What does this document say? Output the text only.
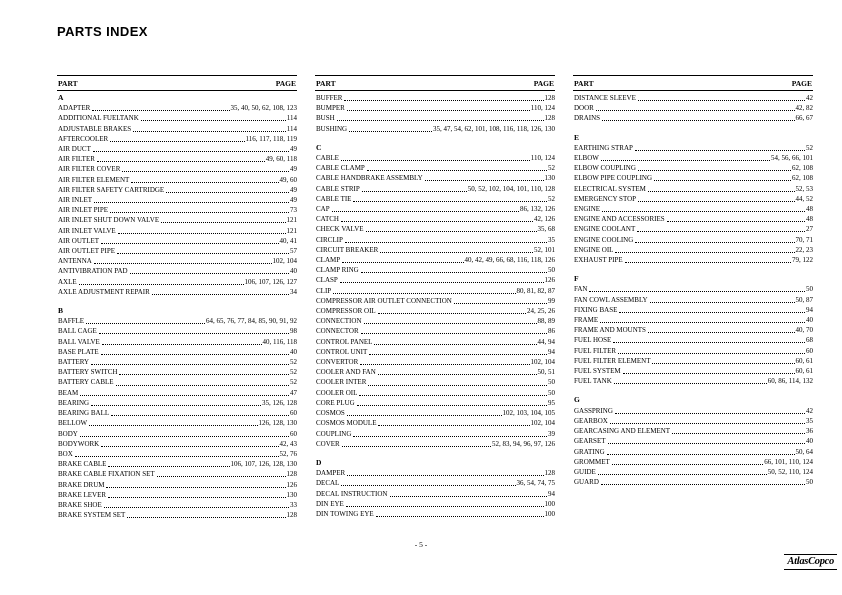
PARTS INDEX
PART	PAGE
A
ADAPTER	35, 40, 50, 62, 108, 123
ADDITIONAL FUELTANK	114
ADJUSTABLE BRAKES	114
AFTERCOOLER	116, 117, 118, 119
AIR DUCT	49
AIR FILTER	49, 60, 118
AIR FILTER COVER	49
AIR FILTER ELEMENT	49, 60
AIR FILTER SAFETY CARTRIDGE	49
AIR INLET	49
AIR INLET PIPE	73
AIR INLET SHUT DOWN VALVE	121
AIR INLET VALVE	121
AIR OUTLET	40, 41
AIR OUTLET PIPE	57
ANTENNA	102, 104
ANTIVIBRATION PAD	40
AXLE	106, 107, 126, 127
AXLE ADJUSTMENT REPAIR	34
B
BAFFLE	64, 65, 76, 77, 84, 85, 90, 91, 92
BALL CAGE	98
BALL VALVE	40, 116, 118
BASE PLATE	40
BATTERY	52
BATTERY SWITCH	52
BATTERY CABLE	52
BEAM	47
BEARING	35, 126, 128
BEARING BALL	60
BELLOW	126, 128, 130
BODY	60
BODYWORK	42, 43
BOX	52, 76
BRAKE CABLE	106, 107, 126, 128, 130
BRAKE CABLE FIXATION SET	128
BRAKE DRUM	126
BRAKE LEVER	130
BRAKE SHOE	33
BRAKE SYSTEM SET	128
PART	PAGE
BUFFER	128
BUMPER	110, 124
BUSH	128
BUSHING	35, 47, 54, 62, 101, 108, 116, 118, 126, 130
C
CABLE	110, 124
CABLE CLAMP	52
CABLE HANDBRAKE ASSEMBLY	130
CABLE STRIP	50, 52, 102, 104, 101, 110, 128
CABLE TIE	52
CAP	86, 132, 126
CATCH	42, 126
CHECK VALVE	35, 68
CIRCLIP	35
CIRCUIT BREAKER	52, 101
CLAMP	40, 42, 49, 66, 68, 116, 118, 126
CLAMP RING	50
CLASP	126
CLIP	80, 81, 82, 87
COMPRESSOR AIR OUTLET CONNECTION	99
COMPRESSOR OIL	24, 25, 26
CONNECTION	88, 89
CONNECTOR	86
CONTROL PANEL	44, 94
CONTROL UNIT	94
CONVERTOR	102, 104
COOLER AND FAN	50, 51
COOLER INTER	50
COOLER OIL	50
CORE PLUG	95
COSMOS	102, 103, 104, 105
COSMOS MODULE	102, 104
COUPLING	39
COVER	52, 83, 94, 96, 97, 126
D
DAMPER	128
DECAL	36, 54, 74, 75
DECAL INSTRUCTION	94
DIN EYE	100
DIN TOWING EYE	100
PART	PAGE
DISTANCE SLEEVE	42
DOOR	42, 82
DRAINS	66, 67
E
EARTHING STRAP	52
ELBOW	54, 56, 66, 101
ELBOW COUPLING	62, 108
ELBOW PIPE COUPLING	62, 108
ELECTRICAL SYSTEM	52, 53
EMERGENCY STOP	44, 52
ENGINE	48
ENGINE AND ACCESSORIES	48
ENGINE COOLANT	27
ENGINE COOLING	70, 71
ENGINE OIL	22, 23
EXHAUST PIPE	79, 122
F
FAN	50
FAN COWL ASSEMBLY	50, 87
FIXING BASE	94
FRAME	40
FRAME AND MOUNTS	40, 70
FUEL HOSE	68
FUEL FILTER	60
FUEL FILTER ELEMENT	60, 61
FUEL SYSTEM	60, 61
FUEL TANK	60, 86, 114, 132
G
GASSPRING	42
GEARBOX	35
GEARCASING AND ELEMENT	36
GEARSET	40
GRATING	50, 64
GROMMET	66, 101, 110, 124
GUIDE	50, 52, 110, 124
GUARD	50
- 5 -
AtlasCopco
